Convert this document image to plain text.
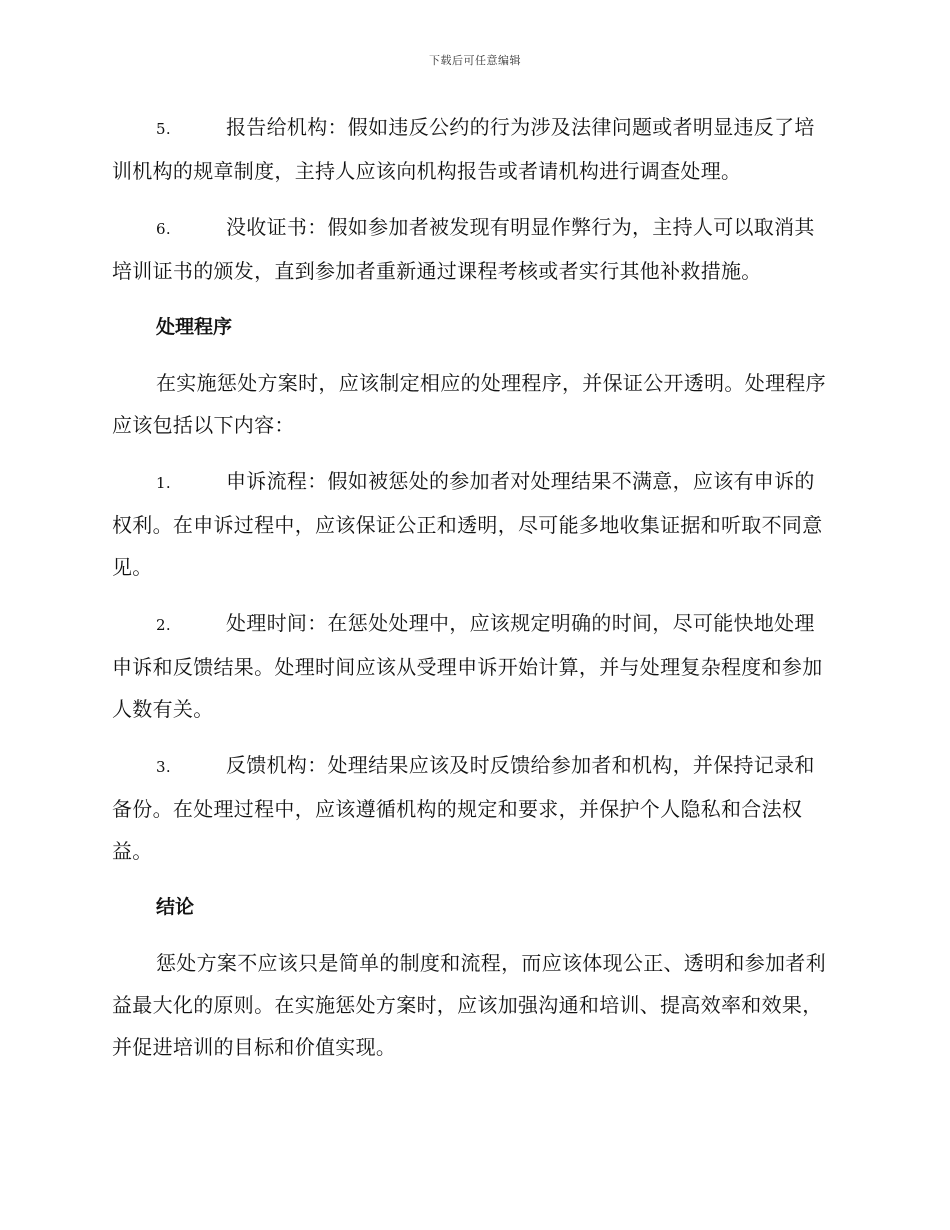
下载后可任意编辑

5.	报告给机构：假如违反公约的行为涉及法律问题或者明显违反了培训机构的规章制度，主持人应该向机构报告或者请机构进行调查处理。

6.	没收证书：假如参加者被发现有明显作弊行为，主持人可以取消其培训证书的颁发，直到参加者重新通过课程考核或者实行其他补救措施。

处理程序

在实施惩处方案时，应该制定相应的处理程序，并保证公开透明。处理程序应该包括以下内容：

1.	申诉流程：假如被惩处的参加者对处理结果不满意，应该有申诉的权利。在申诉过程中，应该保证公正和透明，尽可能多地收集证据和听取不同意见。

2.	处理时间：在惩处处理中，应该规定明确的时间，尽可能快地处理申诉和反馈结果。处理时间应该从受理申诉开始计算，并与处理复杂程度和参加人数有关。

3.	反馈机构：处理结果应该及时反馈给参加者和机构，并保持记录和备份。在处理过程中，应该遵循机构的规定和要求，并保护个人隐私和合法权益。

结论

惩处方案不应该只是简单的制度和流程，而应该体现公正、透明和参加者利益最大化的原则。在实施惩处方案时，应该加强沟通和培训、提高效率和效果，并促进培训的目标和价值实现。
